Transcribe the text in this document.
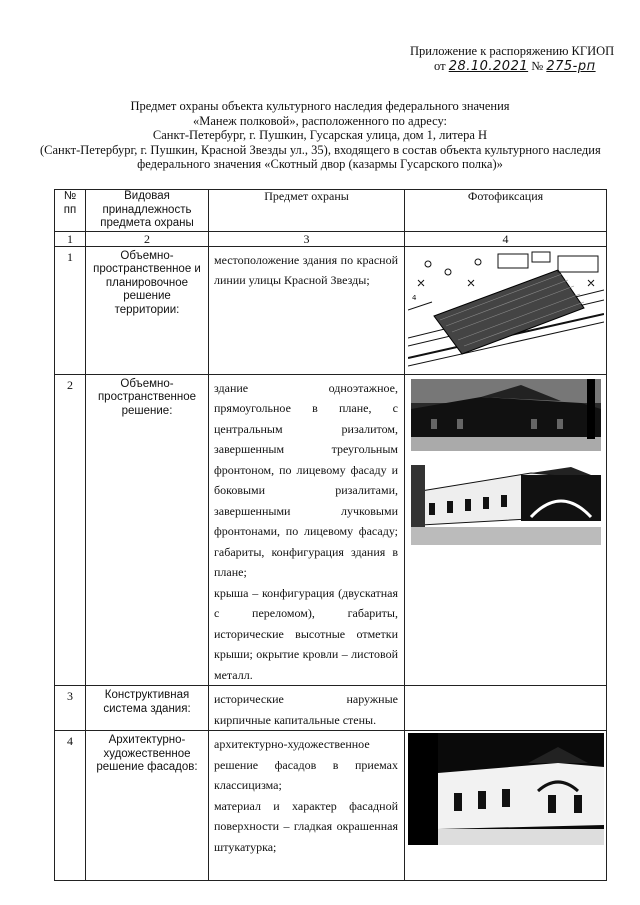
Приложение к распоряжению КГИОП
от 28.10.2021 № 275-рп
Предмет охраны объекта культурного наследия федерального значения
«Манеж полковой», расположенного по адресу:
Санкт-Петербург, г. Пушкин, Гусарская улица, дом 1, литера Н
(Санкт-Петербург, г. Пушкин, Красной Звезды ул., 35), входящего в состав объекта культурного наследия
федерального значения «Скотный двор (казармы Гусарского полка)»
№
пп	Видовая принадлежность предмета охраны	Предмет охраны	Фотофиксация
1	2	3	4
1	Объемно-пространственное и планировочное решение территории:	местоположение здания по красной линии улицы Красной Звезды;	4

2	Объемно-пространственное решение:	здание одноэтажное, прямоугольное в плане, с центральным ризалитом, завершенным треугольным фронтоном, по лицевому фасаду и боковыми ризалитами, завершенными лучковыми фронтонами, по лицевому фасаду; габариты, конфигурация здания в плане;
крыша – конфигурация (двускатная с переломом), габариты, исторические высотные отметки крыши; окрытие кровли – листовой металл.

3	Конструктивная система здания:	исторические наружные кирпичные капитальные стены.	
4	Архитектурно-художественное решение фасадов:	архитектурно-художественное решение фасадов в приемах классицизма;
материал и характер фасадной поверхности – гладкая окрашенная штукатурка;
